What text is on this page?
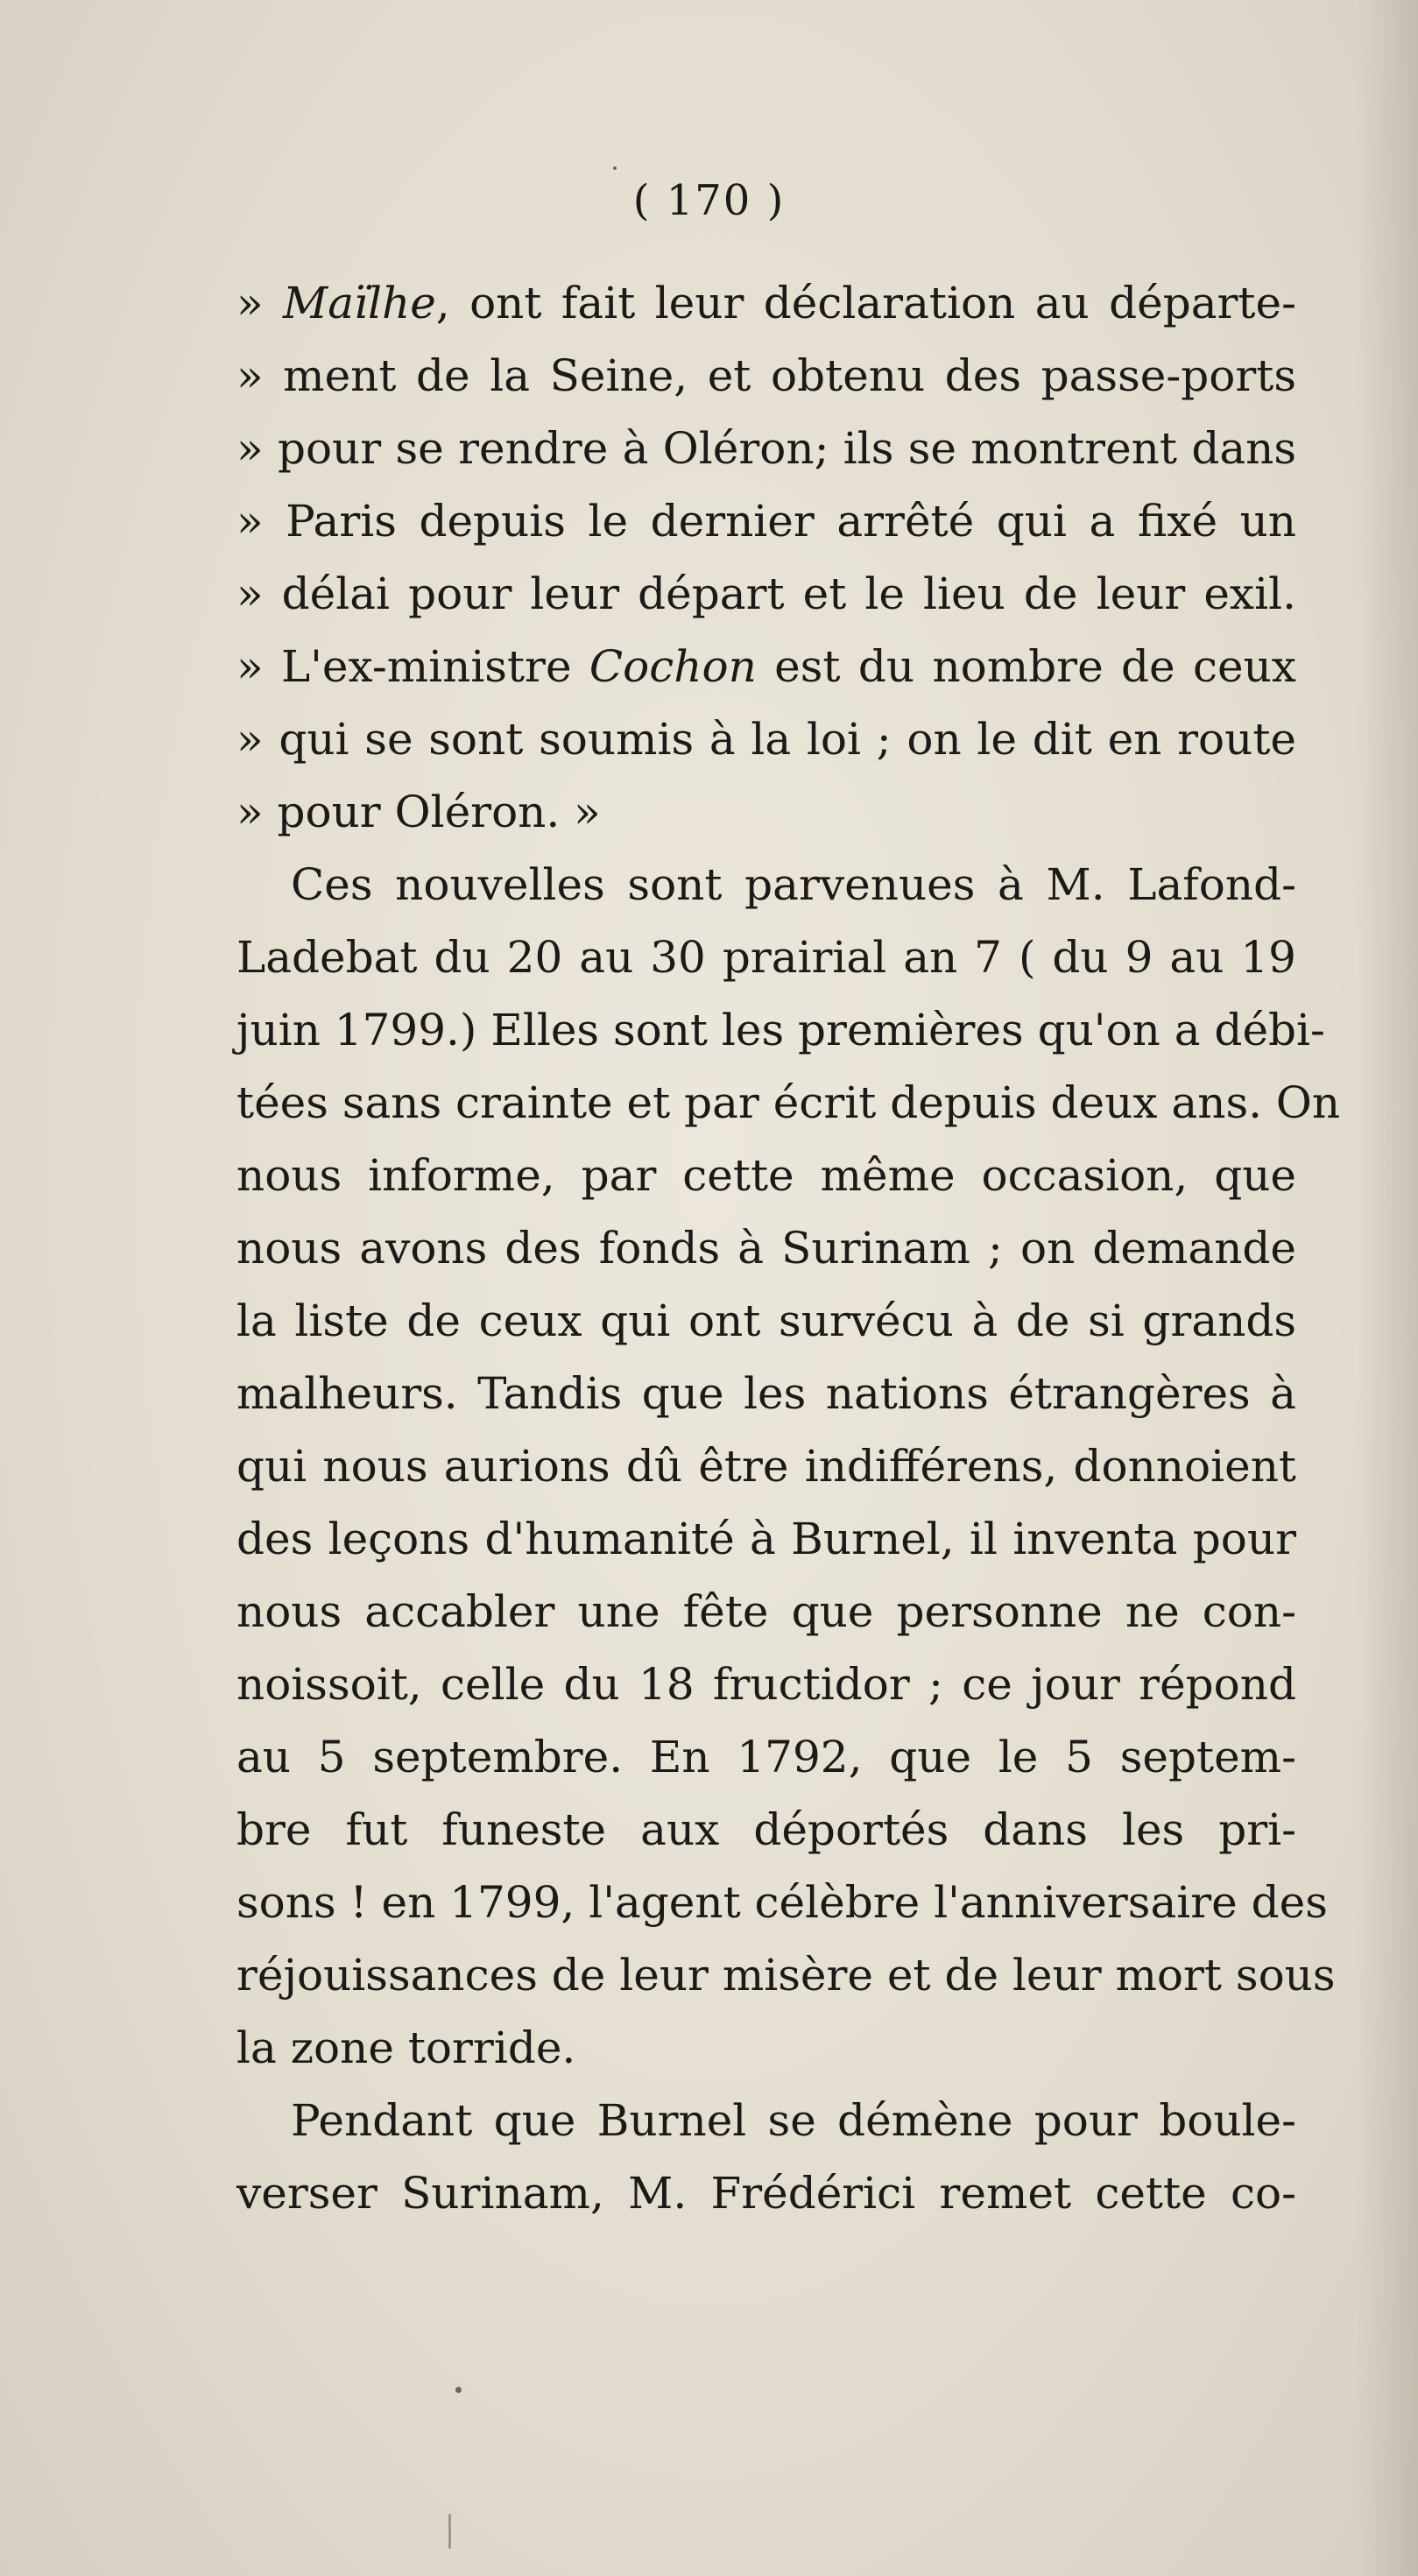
( 170 )
» Maïlhe, ont fait leur déclaration au départe-
» ment de la Seine, et obtenu des passe-ports
» pour se rendre à Oléron; ils se montrent dans
» Paris depuis le dernier arrêté qui a fixé un
» délai pour leur départ et le lieu de leur exil.
» L'ex-ministre Cochon est du nombre de ceux
» qui se sont soumis à la loi ; on le dit en route
» pour Oléron. »
Ces nouvelles sont parvenues à M. Lafond-
Ladebat du 20 au 30 prairial an 7 ( du 9 au 19
juin 1799.) Elles sont les premières qu'on a débi-
tées sans crainte et par écrit depuis deux ans. On
nous informe, par cette même occasion, que
nous avons des fonds à Surinam ; on demande
la liste de ceux qui ont survécu à de si grands
malheurs. Tandis que les nations étrangères à
qui nous aurions dû être indifférens, donnoient
des leçons d'humanité à Burnel, il inventa pour
nous accabler une fête que personne ne con-
noissoit, celle du 18 fructidor ; ce jour répond
au 5 septembre. En 1792, que le 5 septem-
bre fut funeste aux déportés dans les pri-
sons ! en 1799, l'agent célèbre l'anniversaire des
réjouissances de leur misère et de leur mort sous
la zone torride.
Pendant que Burnel se démène pour boule-
verser Surinam, M. Frédérici remet cette co-
